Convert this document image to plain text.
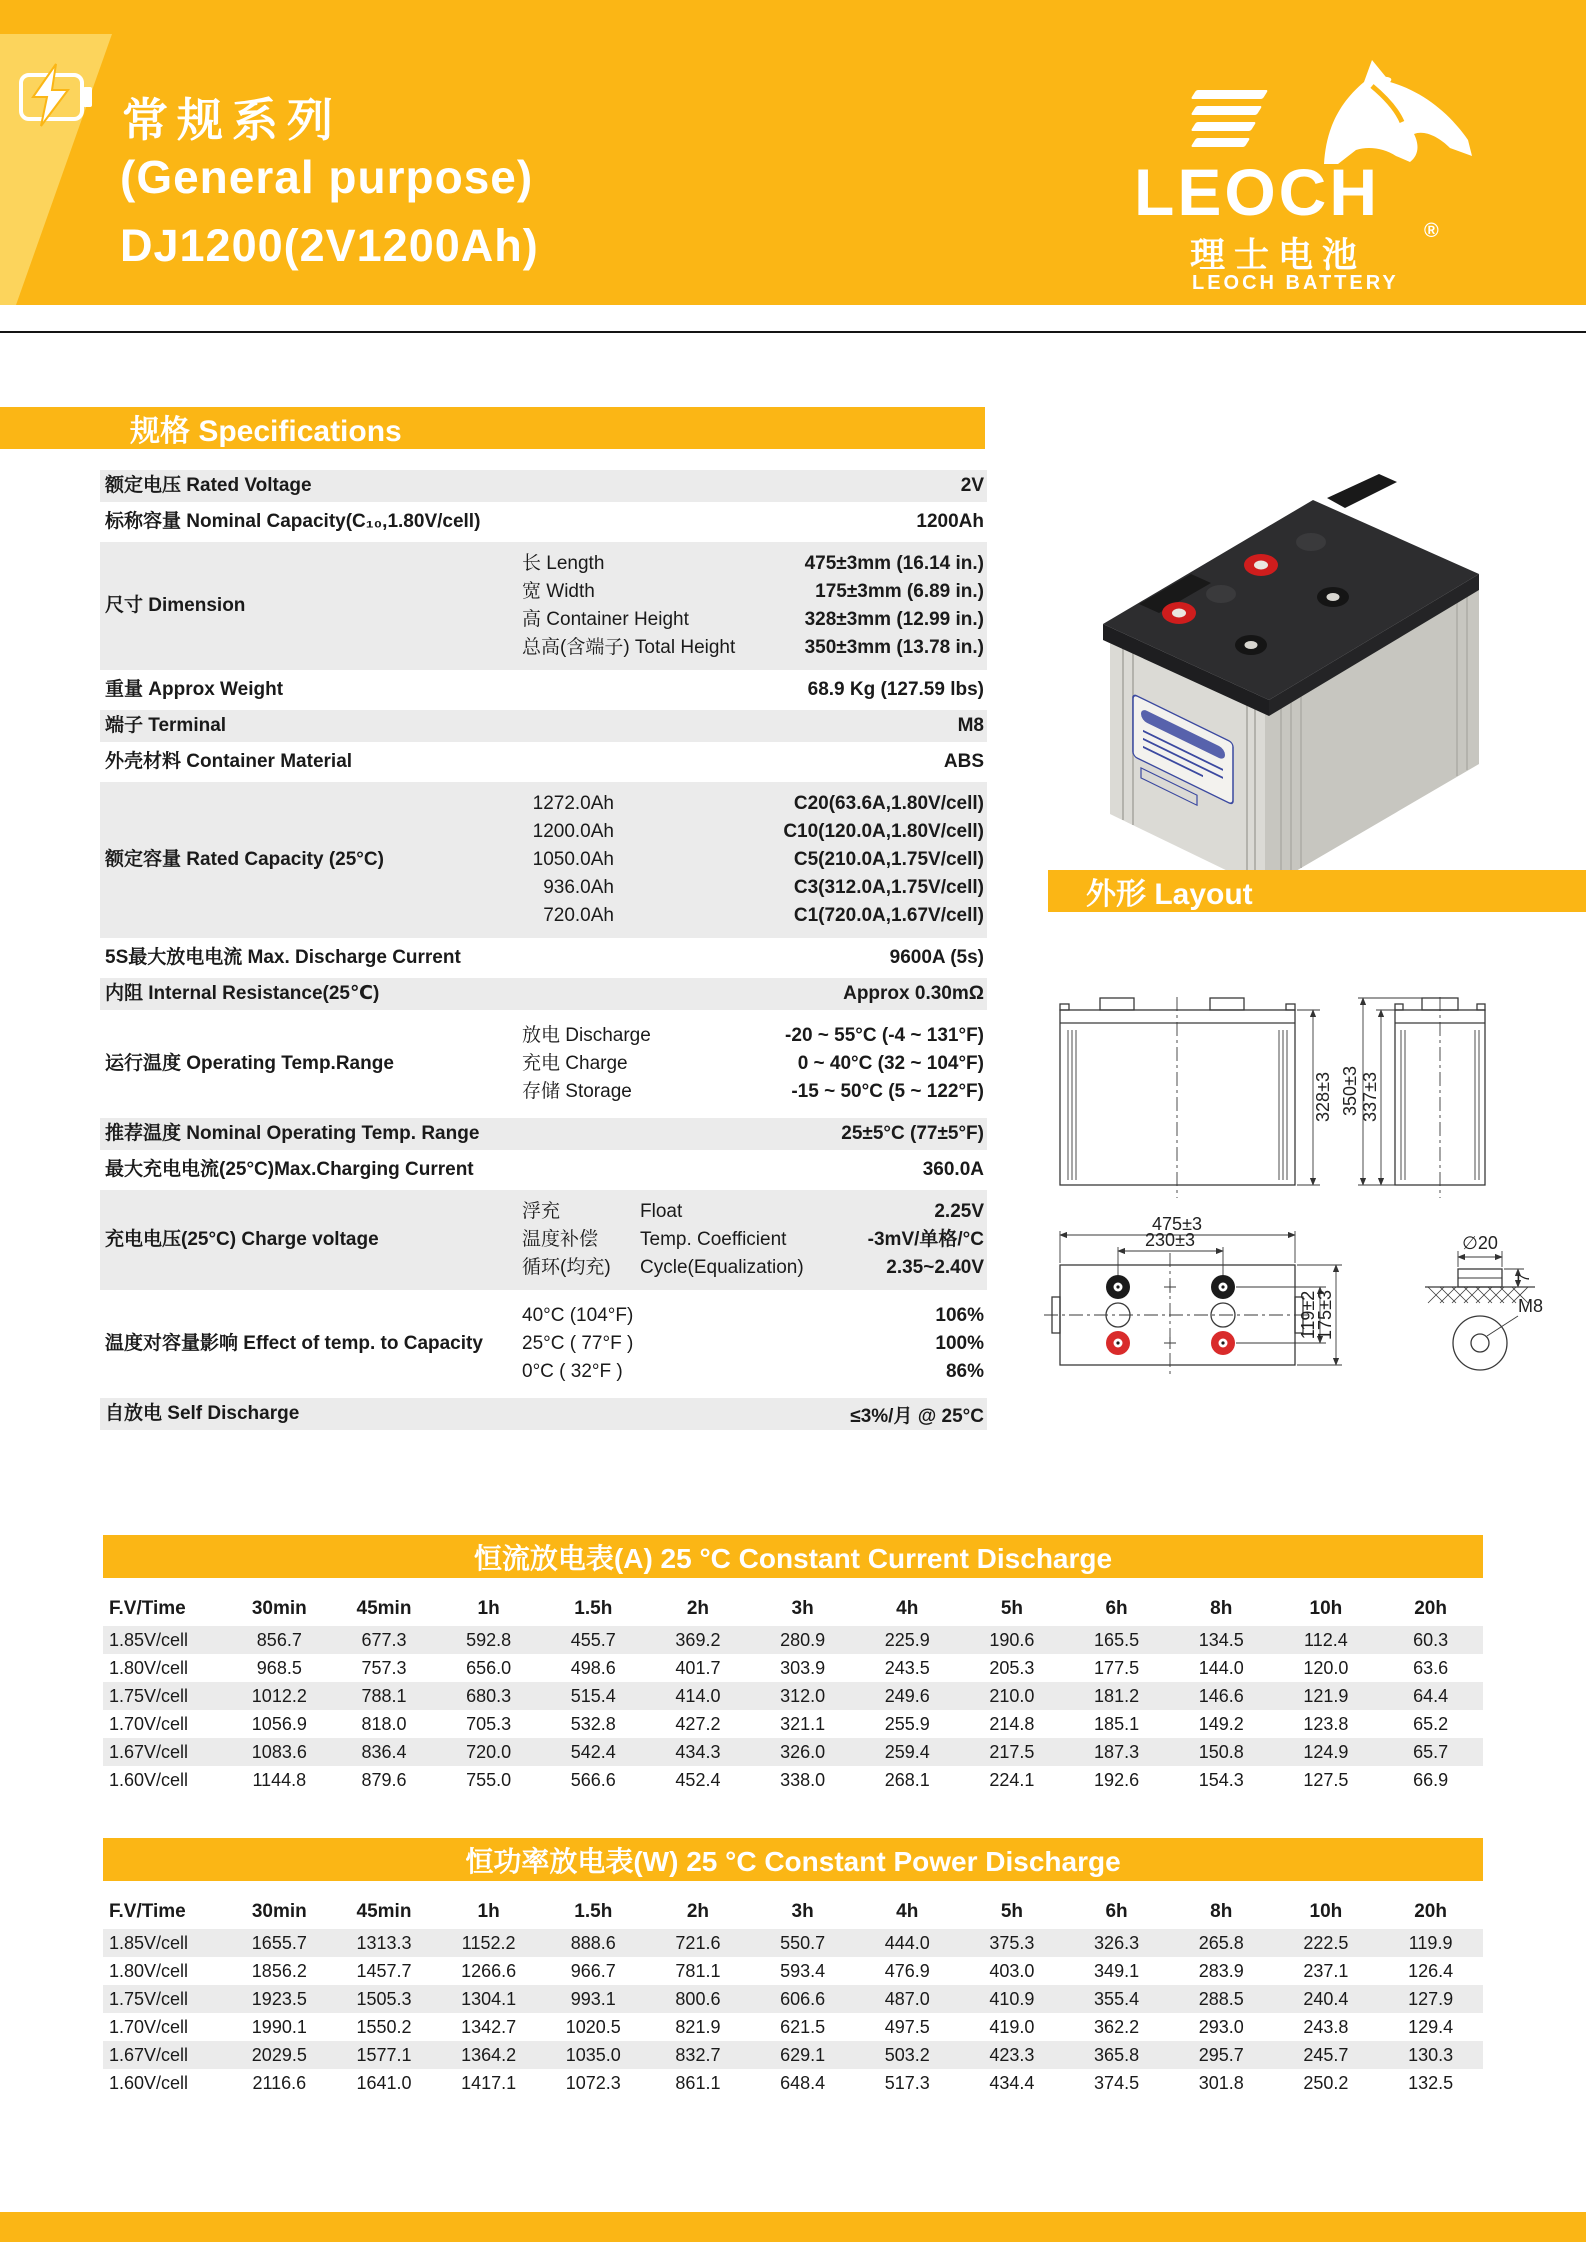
常规系列
(General purpose)
DJ1200(2V1200Ah)
LEOCH
理士电池
®
LEOCH BATTERY
规格 Specifications
额定电压 Rated Voltage	2V
标称容量 Nominal Capacity(C₁₀,1.80V/cell)	1200Ah
尺寸 Dimension
长 Length	475±3mm (16.14 in.)
宽 Width	175±3mm (6.89 in.)
高 Container Height	328±3mm (12.99 in.)
总高(含端子) Total Height	350±3mm (13.78 in.)
重量 Approx Weight	68.9 Kg (127.59 lbs)
端子 Terminal	M8
外壳材料 Container Material	ABS
额定容量 Rated Capacity (25°C)
1272.0Ah	C20(63.6A,1.80V/cell)
1200.0Ah	C10(120.0A,1.80V/cell)
1050.0Ah	C5(210.0A,1.75V/cell)
936.0Ah	C3(312.0A,1.75V/cell)
720.0Ah	C1(720.0A,1.67V/cell)
5S最大放电电流 Max. Discharge Current	9600A (5s)
内阻 Internal Resistance(25℃)	Approx 0.30mΩ
运行温度 Operating Temp.Range
放电 Discharge	-20 ~ 55°C (-4 ~ 131°F)
充电 Charge	0 ~ 40°C (32 ~ 104°F)
存储 Storage	-15 ~ 50°C (5 ~ 122°F)
推荐温度 Nominal Operating Temp. Range	25±5°C (77±5°F)
最大充电电流(25°C)Max.Charging Current	360.0A
充电电压(25°C) Charge voltage
浮充	Float	2.25V
温度补偿	Temp. Coefficient	-3mV/单格/°C
循环(均充)	Cycle(Equalization)	2.35~2.40V
温度对容量影响 Effect of temp. to Capacity
40°C (104°F)	106%
25°C ( 77°F )	100%
0°C ( 32°F )	86%
自放电 Self Discharge	≤3%/月 @ 25°C
外形 Layout
328±3 350±3 337±3
230±3
475±3
119±2
175±3
∅20
7
M8
恒流放电表(A) 25 °C Constant Current Discharge
F.V/Time	30min	45min	1h	1.5h	2h	3h	4h	5h	6h	8h	10h	20h
1.85V/cell	856.7	677.3	592.8	455.7	369.2	280.9	225.9	190.6	165.5	134.5	112.4	60.3
1.80V/cell	968.5	757.3	656.0	498.6	401.7	303.9	243.5	205.3	177.5	144.0	120.0	63.6
1.75V/cell	1012.2	788.1	680.3	515.4	414.0	312.0	249.6	210.0	181.2	146.6	121.9	64.4
1.70V/cell	1056.9	818.0	705.3	532.8	427.2	321.1	255.9	214.8	185.1	149.2	123.8	65.2
1.67V/cell	1083.6	836.4	720.0	542.4	434.3	326.0	259.4	217.5	187.3	150.8	124.9	65.7
1.60V/cell	1144.8	879.6	755.0	566.6	452.4	338.0	268.1	224.1	192.6	154.3	127.5	66.9
恒功率放电表(W) 25 °C Constant Power Discharge
F.V/Time	30min	45min	1h	1.5h	2h	3h	4h	5h	6h	8h	10h	20h
1.85V/cell	1655.7	1313.3	1152.2	888.6	721.6	550.7	444.0	375.3	326.3	265.8	222.5	119.9
1.80V/cell	1856.2	1457.7	1266.6	966.7	781.1	593.4	476.9	403.0	349.1	283.9	237.1	126.4
1.75V/cell	1923.5	1505.3	1304.1	993.1	800.6	606.6	487.0	410.9	355.4	288.5	240.4	127.9
1.70V/cell	1990.1	1550.2	1342.7	1020.5	821.9	621.5	497.5	419.0	362.2	293.0	243.8	129.4
1.67V/cell	2029.5	1577.1	1364.2	1035.0	832.7	629.1	503.2	423.3	365.8	295.7	245.7	130.3
1.60V/cell	2116.6	1641.0	1417.1	1072.3	861.1	648.4	517.3	434.4	374.5	301.8	250.2	132.5
